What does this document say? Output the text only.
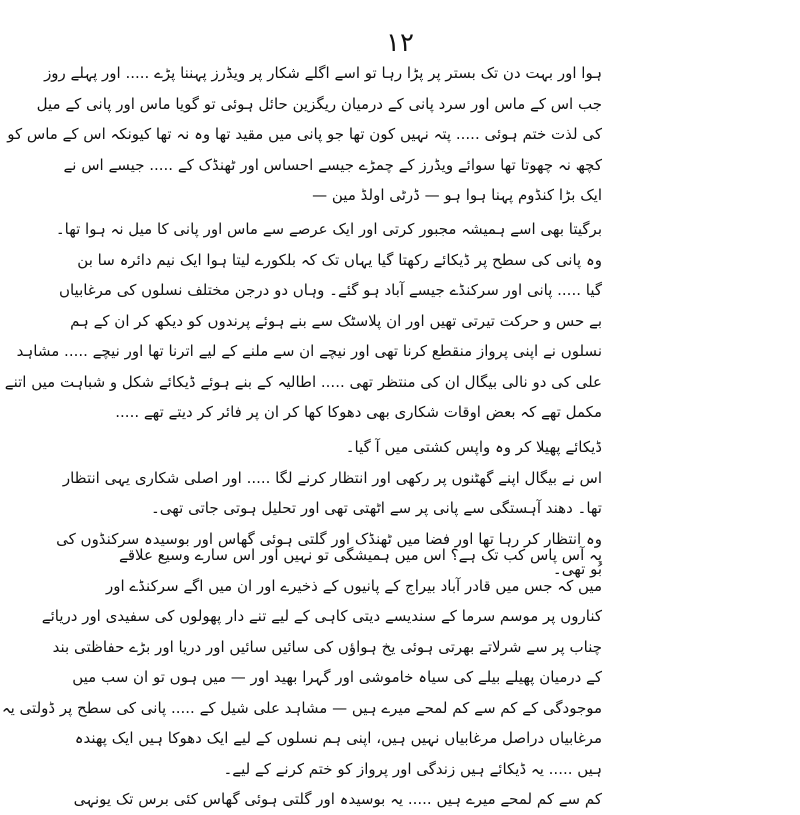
١٢
ہوا اور بہت دن تک بستر پر پڑا رہا تو اسے اگلے شکار پر ویڈرز پہننا پڑے ..... اور پہلے روز
جب اس کے ماس اور سرد پانی کے درمیان ریگزین حائل ہوئی تو گویا ماس اور پانی کے میل
کی لذت ختم ہوئی ..... پتہ نہیں کون تھا جو پانی میں مقید تھا وہ نہ تھا کیونکہ اس کے ماس کو
کچھ نہ چھوتا تھا سوائے ویڈرز کے چمڑے جیسے احساس اور ٹھنڈک کے ..... جیسے اس نے
ایک بڑا کنڈوم پہنا ہوا ہو — ڈرٹی اولڈ مین —
برگیتا بھی اسے ہمیشہ مجبور کرتی اور ایک عرصے سے ماس اور پانی کا میل نہ ہوا تھا۔
وہ پانی کی سطح پر ڈیکائے رکھتا گیا یہاں تک کہ بلکورے لیتا ہوا ایک نیم دائرہ سا بن
گیا ..... پانی اور سرکنڈے جیسے آباد ہو گئے۔ وہاں دو درجن مختلف نسلوں کی مرغابیاں
بے حس و حرکت تیرتی تھیں اور ان پلاسٹک سے بنے ہوئے پرندوں کو دیکھ کر ان کے ہم
نسلوں نے اپنی پرواز منقطع کرنا تھی اور نیچے ان سے ملنے کے لیے اترنا تھا اور نیچے ..... مشاہد
علی کی دو نالی بیگال ان کی منتظر تھی ..... اطالیہ کے بنے ہوئے ڈیکائے شکل و شباہت میں اتنے
مکمل تھے کہ بعض اوقات شکاری بھی دھوکا کھا کر ان پر فائر کر دیتے تھے .....
ڈیکائے پھیلا کر وہ واپس کشتی میں آ گیا۔
اس نے بیگال اپنے گھٹنوں پر رکھی اور انتظار کرنے لگا ..... اور اصلی شکاری یہی انتظار
تھا۔ دھند آہستگی سے پانی پر سے اٹھتی تھی اور تحلیل ہوتی جاتی تھی۔
وہ انتظار کر رہا تھا اور فضا میں ٹھنڈک اور گلتی ہوئی گھاس اور بوسیدہ سرکنڈوں کی
بُو تھی۔
یہ آس پاس کب تک ہے؟ اس میں ہمیشگی تو نہیں اور اس سارے وسیع علاقے
میں کہ جس میں قادر آباد بیراج کے پانیوں کے ذخیرے اور ان میں اگے سرکنڈے اور
کناروں پر موسم سرما کے سندیسے دیتی کاہی کے لیے تنے دار پھولوں کی سفیدی اور دریائے
چناب پر سے شرلاتے بھرتی ہوئی یخ ہواؤں کی سائیں سائیں اور دریا اور بڑے حفاظتی بند
کے درمیان پھیلے بیلے کی سیاہ خاموشی اور گہرا بھید اور — میں ہوں تو ان سب میں
موجودگی کے کم سے کم لمحے میرے ہیں — مشاہد علی شیل کے ..... پانی کی سطح پر ڈولتی یہ
مرغابیاں دراصل مرغابیاں نہیں ہیں، اپنی ہم نسلوں کے لیے ایک دھوکا ہیں ایک پھندہ
ہیں ..... یہ ڈیکائے ہیں زندگی اور پرواز کو ختم کرنے کے لیے۔
کم سے کم لمحے میرے ہیں ..... یہ بوسیدہ اور گلتی ہوئی گھاس کئی برس تک یونہی
